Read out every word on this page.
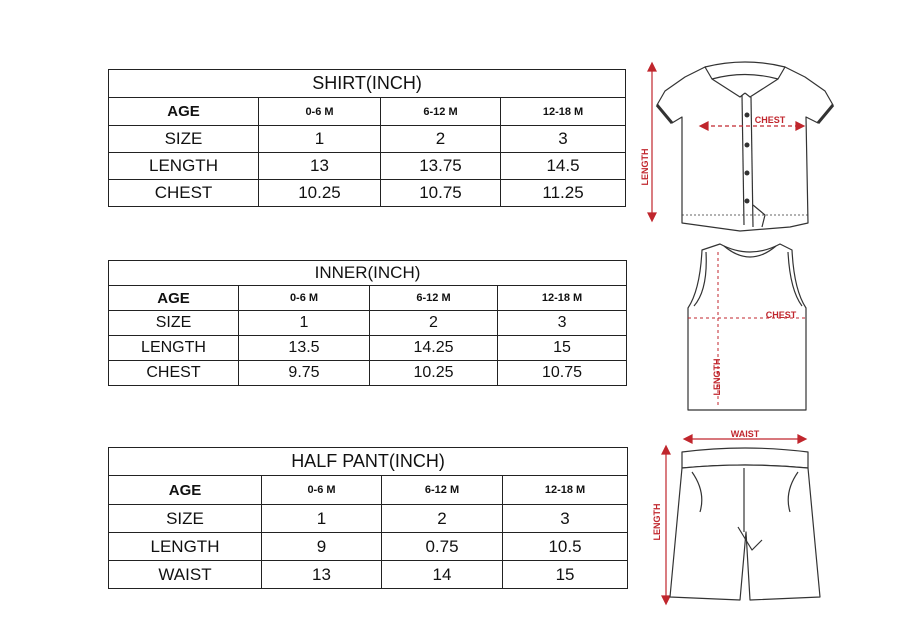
SHIRT(INCH)			
AGE	0-6 M	6-12 M	12-18 M
SIZE	1	2	3
LENGTH	13	13.75	14.5
CHEST	10.25	10.75	11.25
INNER(INCH)			
AGE	0-6 M	6-12 M	12-18 M
SIZE	1	2	3
LENGTH	13.5	14.25	15
CHEST	9.75	10.25	10.75
HALF PANT(INCH)			
AGE	0-6 M	6-12 M	12-18 M
SIZE	1	2	3
LENGTH	9	0.75	10.5
WAIST	13	14	15
LENGTH
CHEST
CHEST
LENGTH
WAIST
LENGTH
